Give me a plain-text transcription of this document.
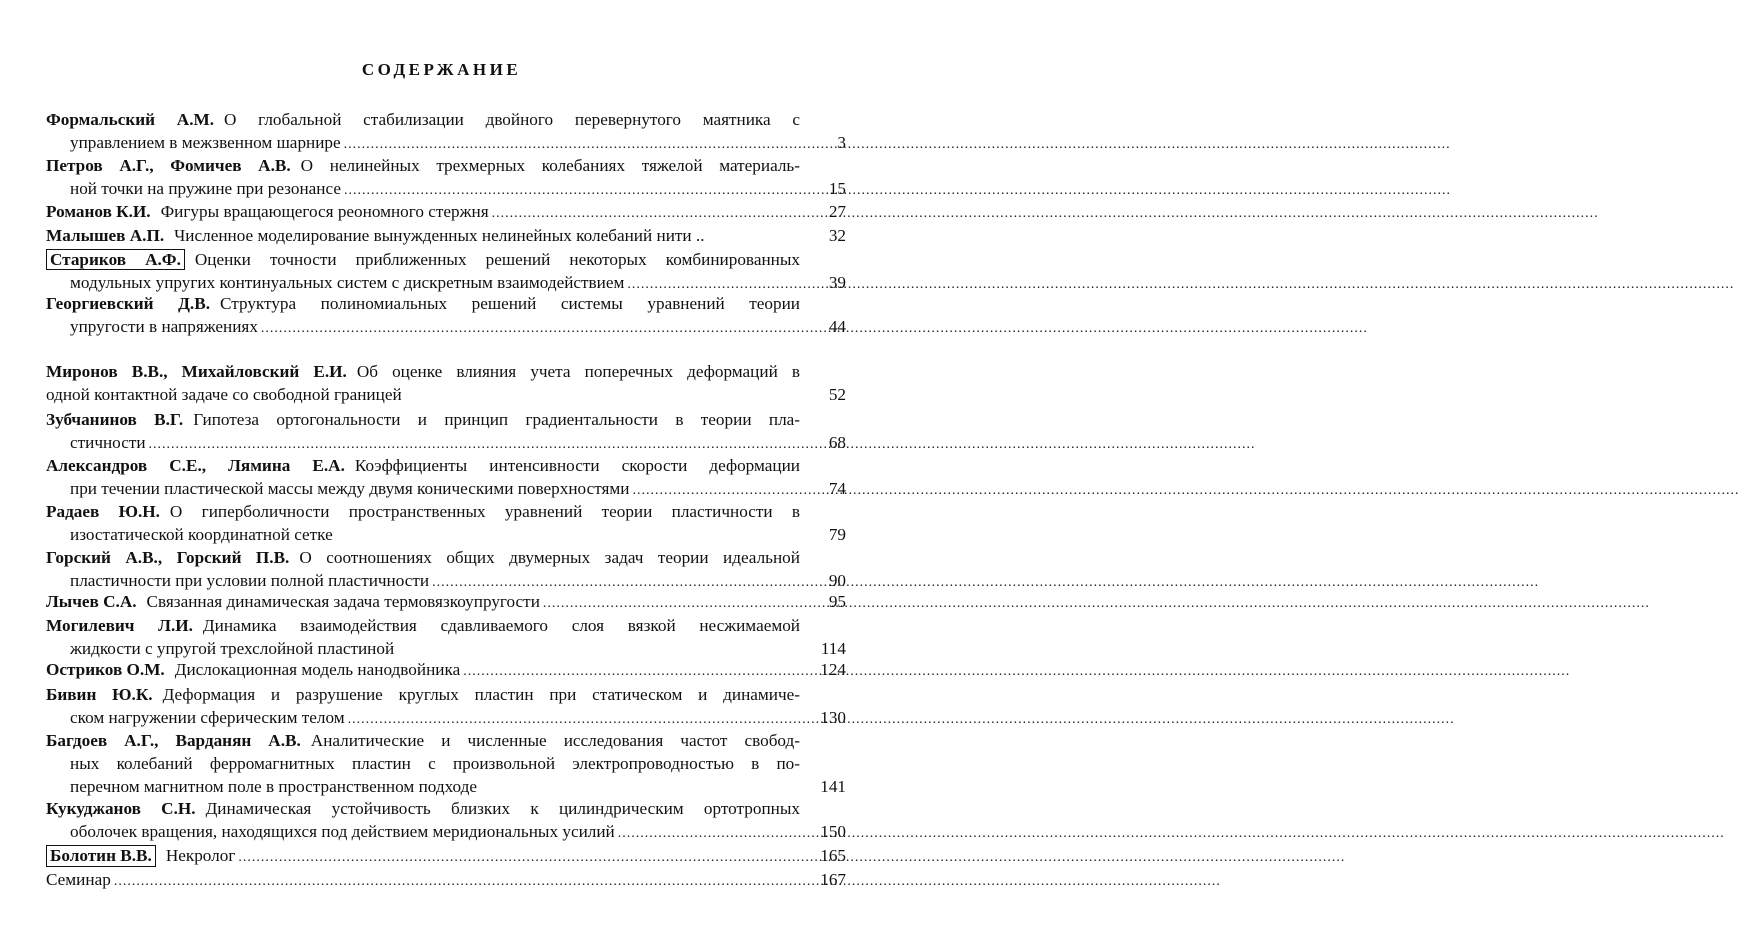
СОДЕРЖАНИЕ
Формальский А.М. О глобальной стабилизации двойного перевернутого маятника с
управлением в межзвенном шарнире .....	3
Петров А.Г., Фомичев А.В. О нелинейных трехмерных колебаниях тяжелой материаль-
ной точки на пружине при резонансе .....	15
Романов К.И. Фигуры вращающегося реономного стержня .....	27
Малышев А.П. Численное моделирование вынужденных нелинейных колебаний нити ..	32
Стариков А.Ф. Оценки точности приближенных решений некоторых комбинированных
модульных упругих континуальных систем с дискретным взаимодействием .....	39
Георгиевский Д.В. Структура полиномиальных решений системы уравнений теории
упругости в напряжениях .....	44
Миронов В.В., Михайловский Е.И. Об оценке влияния учета поперечных деформаций в
одной контактной задаче со свободной границей	52
Зубчанинов В.Г. Гипотеза ортогональности и принцип градиентальности в теории пла-
стичности .....	68
Александров С.Е., Лямина Е.А. Коэффициенты интенсивности скорости деформации
при течении пластической массы между двумя коническими поверхностями .....	74
Радаев Ю.Н. О гиперболичности пространственных уравнений теории пластичности в
изостатической координатной сетке	79
Горский А.В., Горский П.В. О соотношениях общих двумерных задач теории идеальной
пластичности при условии полной пластичности .....	90
Лычев С.А. Связанная динамическая задача термовязкоупругости .....	95
Могилевич Л.И. Динамика взаимодействия сдавливаемого слоя вязкой несжимаемой
жидкости с упругой трехслойной пластиной	114
Остриков О.М. Дислокационная модель нанодвойника .....	124
Бивин Ю.К. Деформация и разрушение круглых пластин при статическом и динамиче-
ском нагружении сферическим телом .....	130
Багдоев А.Г., Варданян А.В. Аналитические и численные исследования частот свобод-
ных колебаний ферромагнитных пластин с произвольной электропроводностью в по-
перечном магнитном поле в пространственном подходе	141
Кукуджанов С.Н. Динамическая устойчивость близких к цилиндрическим ортотропных
оболочек вращения, находящихся под действием меридиональных усилий .....	150
Болотин В.В. Некролог .....	165
Семинар .....	167
